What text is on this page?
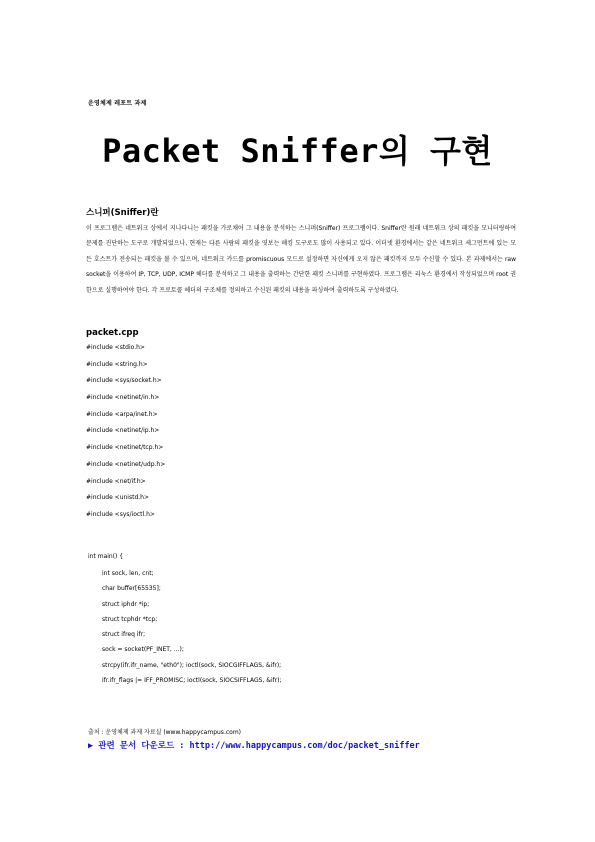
운영체제 레포트 과제
Packet Sniffer의 구현
스니퍼(Sniffer)란
이 프로그램은 네트워크 상에서 지나다니는 패킷을 가로채어 그 내용을 분석하는 스니퍼(Sniffer) 프로그램이다. Sniffer란 원래 네트워크 상의 패킷을 모니터링하여 문제를 진단하는 도구로 개발되었으나, 현재는 다른 사람의 패킷을 엿보는 해킹 도구로도 많이 사용되고 있다. 이더넷 환경에서는 같은 네트워크 세그먼트에 있는 모든 호스트가 전송되는 패킷을 볼 수 있으며, 네트워크 카드를 promiscuous 모드로 설정하면 자신에게 오지 않은 패킷까지 모두 수신할 수 있다. 본 과제에서는 raw socket을 이용하여 IP, TCP, UDP, ICMP 헤더를 분석하고 그 내용을 출력하는 간단한 패킷 스니퍼를 구현하였다. 프로그램은 리눅스 환경에서 작성되었으며 root 권한으로 실행하여야 한다. 각 프로토콜 헤더의 구조체를 정의하고 수신된 패킷의 내용을 파싱하여 출력하도록 구성하였다.
packet.cpp
#include <stdio.h>
#include <string.h>
#include <sys/socket.h>
#include <netinet/in.h>
#include <arpa/inet.h>
#include <netinet/ip.h>
#include <netinet/tcp.h>
#include <netinet/udp.h>
#include <net/if.h>
#include <unistd.h>
#include <sys/ioctl.h>
int main() {
int sock, len, cnt;
char buffer[65535];
struct iphdr *ip;
struct tcphdr *tcp;
struct ifreq ifr;
sock = socket(PF_INET, ...);
strcpy(ifr.ifr_name, "eth0"); ioctl(sock, SIOCGIFFLAGS, &ifr);
ifr.ifr_flags |= IFF_PROMISC; ioctl(sock, SIOCSIFFLAGS, &ifr);
출처 : 운영체제 과제 자료실 (www.happycampus.com)
▶ 관련 문서 다운로드 : http://www.happycampus.com/doc/packet_sniffer
